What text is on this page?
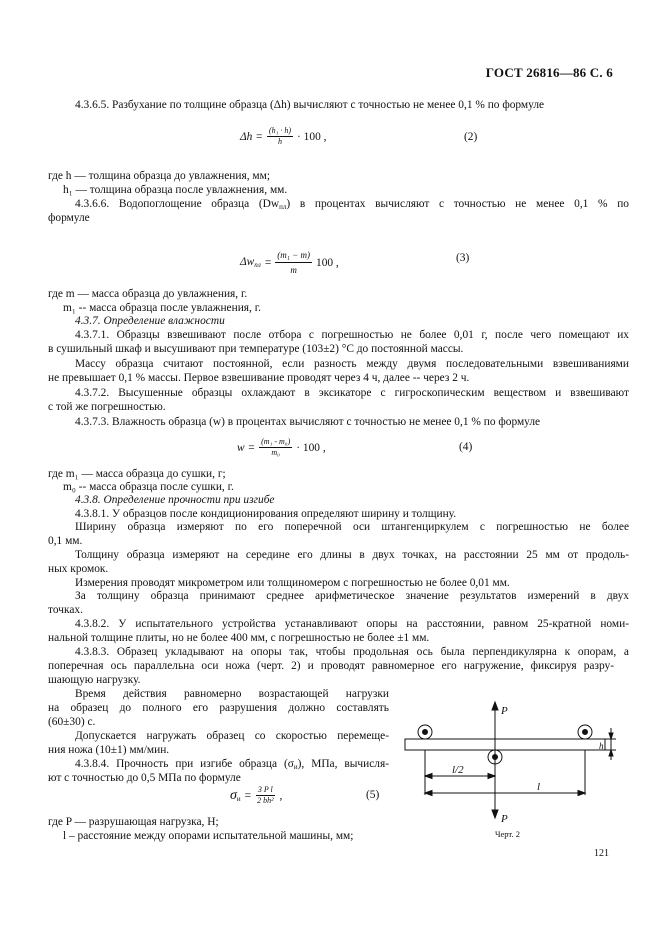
ГОСТ 26816—86 С. 6
4.3.6.5. Разбухание по толщине образца (Δh) вычисляют с точностью не менее 0,1 % по формуле
$\Delta h = \frac{\text{(h₁ · h)}}{h} \cdot 100$ ,	(2)
где h — толщина образца до увлажнения, мм;
h₁ — толщина образца после увлажнения, мм.
4.3.6.6. Водопоглощение образца $(Dw_{пл})$ в процентах вычисляют с точностью не менее 0,1 % по
формуле
$\Delta w_{пл} = \frac{\text{(m₁ − m)}}{m} 100$ ,	(3)
где m — масса образца до увлажнения, г.
m₁ -- масса образца после увлажнения, г.
4.3.7. Определение влажности
4.3.7.1. Образцы взвешивают после отбора с погрешностью не более 0,01 г, после чего помещают их
в сушильный шкаф и высушивают при температуре (103±2) °С до постоянной массы.
Массу образца считают постоянной, если разность между двумя последовательными взвешиваниями
не превышает 0,1 % массы. Первое взвешивание проводят через 4 ч, далее -- через 2 ч.
4.3.7.2. Высушенные образцы охлаждают в эксикаторе с гигроскопическим веществом и взвешивают
с той же погрешностью.
4.3.7.3. Влажность образца (w) в процентах вычисляют с точностью не менее 0,1 % по формуле
$w = \frac{\text{(m₁ - m₀)}}{\text{m₀}} \cdot 100$ ,	(4)
где m₁ — масса образца до сушки, г;
m₀ -- масса образца после сушки, г.
4.3.8. Определение прочности при изгибе
4.3.8.1. У образцов после кондиционирования определяют ширину и толщину.
Ширину образца измеряют по его поперечной оси штангенциркулем с погрешностью не более
0,1 мм.
Толщину образца измеряют на середине его длины в двух точках, на расстоянии 25 мм от продоль-
ных кромок.
Измерения проводят микрометром или толщиномером с погрешностью не более 0,01 мм.
За толщину образца принимают среднее арифметическое значение результатов измерений в двух
точках.
4.3.8.2. У испытательного устройства устанавливают опоры на расстоянии, равном 25-кратной номи-
нальной толщине плиты, но не более 400 мм, с погрешностью не более ±1 мм.
4.3.8.3. Образец укладывают на опоры так, чтобы продольная ось была перпендикулярна к опорам, а
поперечная ось параллельна оси ножа (черт. 2) и проводят равномерное его нагружение, фиксируя разру-
шающую нагрузку.
Время действия равномерно возрастающей нагрузки
на образец до полного его разрушения должно составлять
(60±30) с.
Допускается нагружать образец со скоростью перемеще-
ния ножа (10±1) мм/мин.
4.3.8.4. Прочность при изгибе образца $(\sigma_и)$, МПа, вычисля-
ют с точностью до 0,5 МПа по формуле
$\sigma_и = \frac{\text{3 P l}}{\text{2 bh²}}$ ,	(5)
где P — разрушающая нагрузка, Н;
l – расстояние между опорами испытательной машины, мм;
P
P
h
l/2
l
Черт. 2
121
